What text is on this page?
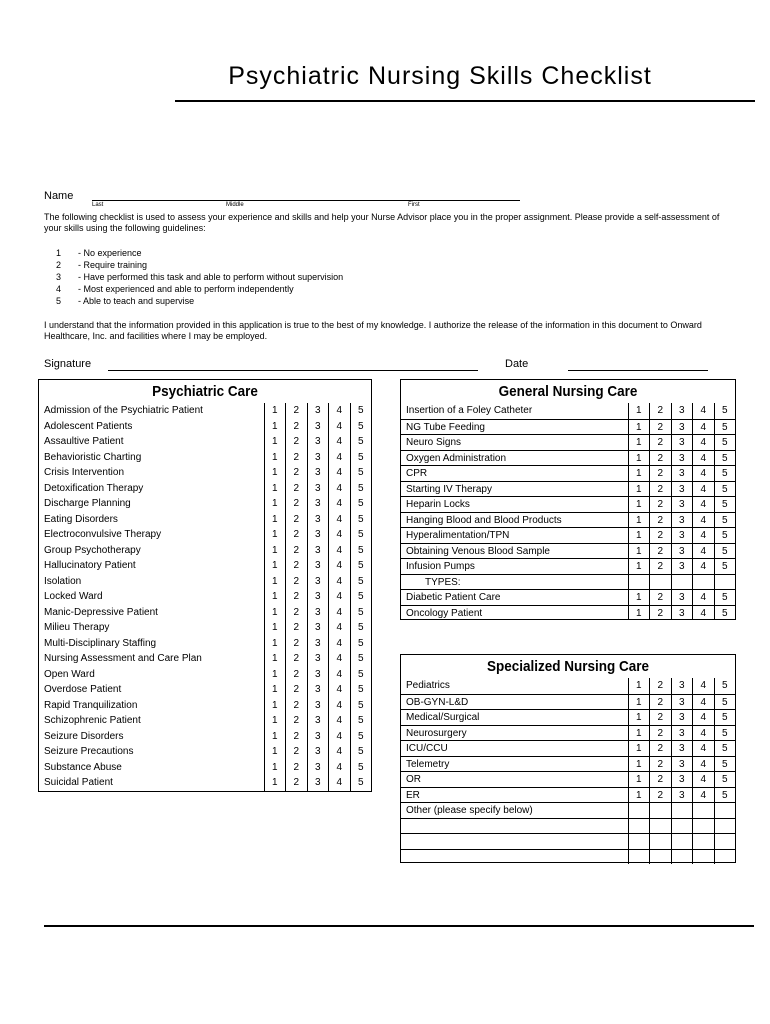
Psychiatric Nursing Skills Checklist
Name
Last	Middle	First
The following checklist is used to assess your experience and skills and help your Nurse Advisor place you in the proper assignment. Please provide a self-assessment of your skills using the following guidelines:
1	- No experience
2	- Require training
3	- Have performed this task and able to perform without supervision
4	- Most experienced and able to perform independently
5	- Able to teach and supervise
I understand that the information provided in this application is true to the best of my knowledge. I authorize the release of the information in this document to Onward Healthcare, Inc. and facilities where I may be employed.
Signature	Date
Psychiatric Care
Admission of the Psychiatric Patient	1	2	3	4	5
Adolescent Patients	1	2	3	4	5
Assaultive Patient	1	2	3	4	5
Behavioristic Charting	1	2	3	4	5
Crisis Intervention	1	2	3	4	5
Detoxification Therapy	1	2	3	4	5
Discharge Planning	1	2	3	4	5
Eating Disorders	1	2	3	4	5
Electroconvulsive Therapy	1	2	3	4	5
Group Psychotherapy	1	2	3	4	5
Hallucinatory Patient	1	2	3	4	5
Isolation	1	2	3	4	5
Locked Ward	1	2	3	4	5
Manic-Depressive Patient	1	2	3	4	5
Milieu Therapy	1	2	3	4	5
Multi-Disciplinary Staffing	1	2	3	4	5
Nursing Assessment and Care Plan	1	2	3	4	5
Open Ward	1	2	3	4	5
Overdose Patient	1	2	3	4	5
Rapid Tranquilization	1	2	3	4	5
Schizophrenic Patient	1	2	3	4	5
Seizure Disorders	1	2	3	4	5
Seizure Precautions	1	2	3	4	5
Substance Abuse	1	2	3	4	5
Suicidal Patient	1	2	3	4	5
General Nursing Care
Insertion of a Foley Catheter	1	2	3	4	5
NG Tube Feeding	1	2	3	4	5
Neuro Signs	1	2	3	4	5
Oxygen Administration	1	2	3	4	5
CPR	1	2	3	4	5
Starting IV Therapy	1	2	3	4	5
Heparin Locks	1	2	3	4	5
Hanging Blood and Blood Products	1	2	3	4	5
Hyperalimentation/TPN	1	2	3	4	5
Obtaining Venous Blood Sample	1	2	3	4	5
Infusion Pumps	1	2	3	4	5
TYPES:
Diabetic Patient Care	1	2	3	4	5
Oncology Patient	1	2	3	4	5
Specialized Nursing Care
Pediatrics	1	2	3	4	5
OB-GYN-L&D	1	2	3	4	5
Medical/Surgical	1	2	3	4	5
Neurosurgery	1	2	3	4	5
ICU/CCU	1	2	3	4	5
Telemetry	1	2	3	4	5
OR	1	2	3	4	5
ER	1	2	3	4	5
Other (please specify below)
